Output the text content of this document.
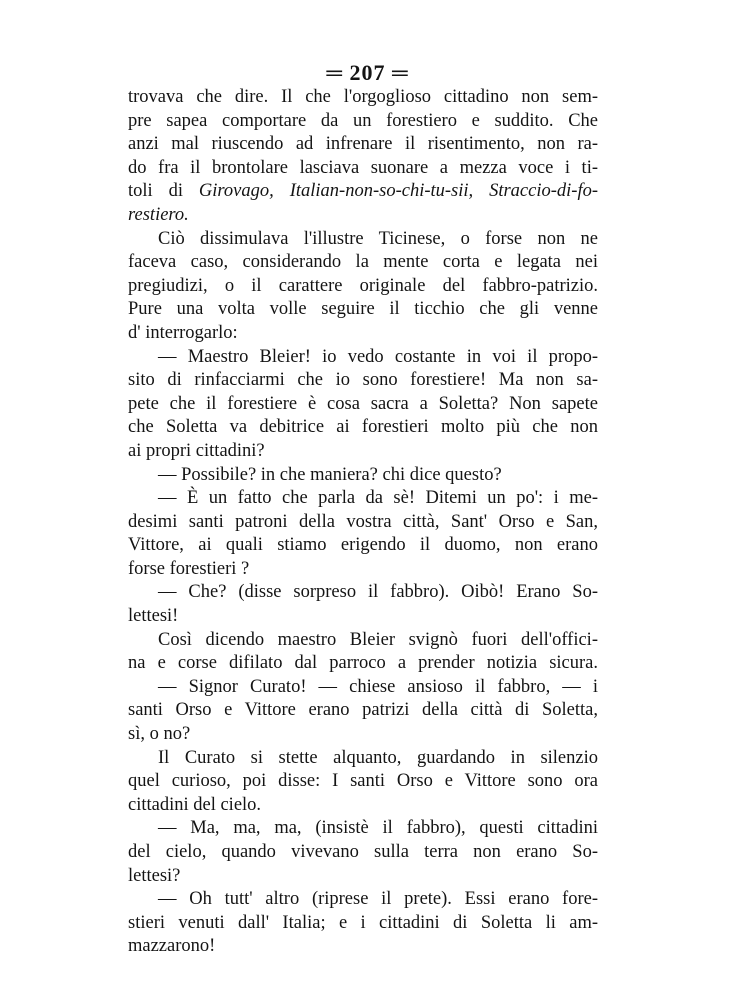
═ 207 ═
trovava che dire. Il che l'orgoglioso cittadino non sem-
pre sapea comportare da un forestiero e suddito. Che
anzi mal riuscendo ad infrenare il risentimento, non ra-
do fra il brontolare lasciava suonare a mezza voce i ti-
toli di Girovago, Italian-non-so-chi-tu-sii, Straccio-di-fo-
restiero.
Ciò dissimulava l'illustre Ticinese, o forse non ne
faceva caso, considerando la mente corta e legata nei
pregiudizi, o il carattere originale del fabbro-patrizio.
Pure una volta volle seguire il ticchio che gli venne
d' interrogarlo:
— Maestro Bleier! io vedo costante in voi il propo-
sito di rinfacciarmi che io sono forestiere! Ma non sa-
pete che il forestiere è cosa sacra a Soletta? Non sapete
che Soletta va debitrice ai forestieri molto più che non
ai propri cittadini?
— Possibile? in che maniera? chi dice questo?
— È un fatto che parla da sè! Ditemi un po': i me-
desimi santi patroni della vostra città, Sant' Orso e San,
Vittore, ai quali stiamo erigendo il duomo, non erano
forse forestieri ?
— Che? (disse sorpreso il fabbro). Oibò! Erano So-
lettesi!
Così dicendo maestro Bleier svignò fuori dell'offici-
na e corse difilato dal parroco a prender notizia sicura.
— Signor Curato! — chiese ansioso il fabbro, — i
santi Orso e Vittore erano patrizi della città di Soletta,
sì, o no?
Il Curato si stette alquanto, guardando in silenzio
quel curioso, poi disse: I santi Orso e Vittore sono ora
cittadini del cielo.
— Ma, ma, ma, (insistè il fabbro), questi cittadini
del cielo, quando vivevano sulla terra non erano So-
lettesi?
— Oh tutt' altro (riprese il prete). Essi erano fore-
stieri venuti dall' Italia; e i cittadini di Soletta li am-
mazzarono!
